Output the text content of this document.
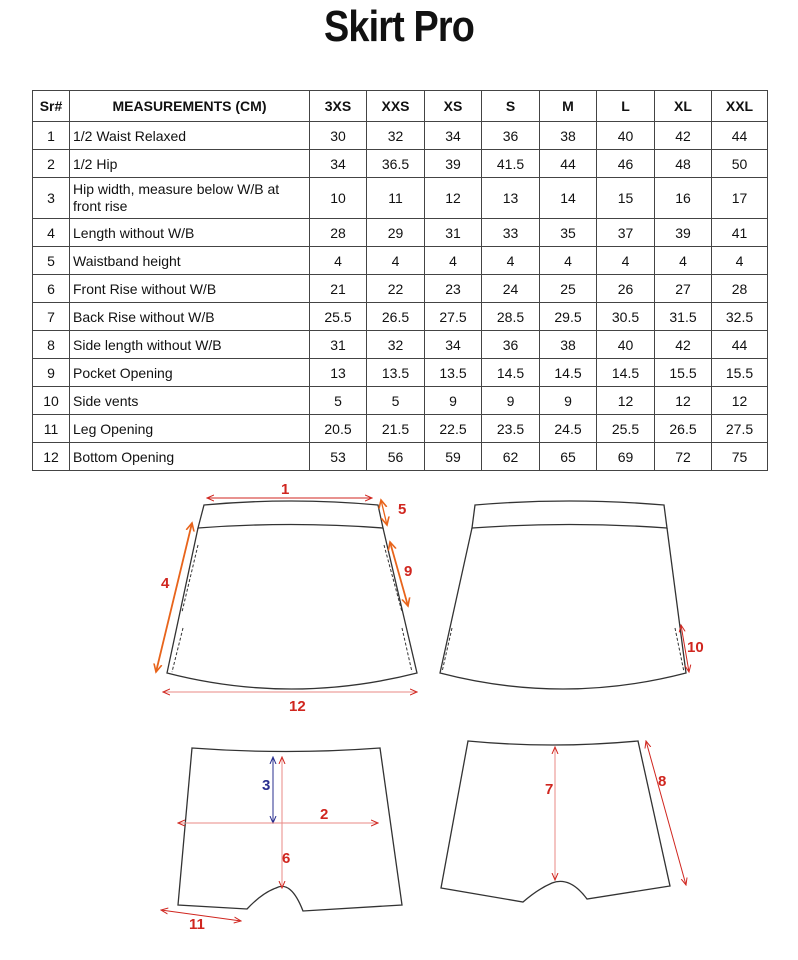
Skirt Pro
Sr#	MEASUREMENTS (CM)	3XS	XXS	XS	S	M	L	XL	XXL
1	1/2 Waist Relaxed	30	32	34	36	38	40	42	44
2	1/2 Hip	34	36.5	39	41.5	44	46	48	50
3	Hip width, measure below W/B at front rise	10	11	12	13	14	15	16	17
4	Length without W/B	28	29	31	33	35	37	39	41
5	Waistband height	4	4	4	4	4	4	4	4
6	Front Rise without W/B	21	22	23	24	25	26	27	28
7	Back Rise without W/B	25.5	26.5	27.5	28.5	29.5	30.5	31.5	32.5
8	Side length without W/B	31	32	34	36	38	40	42	44
9	Pocket Opening	13	13.5	13.5	14.5	14.5	14.5	15.5	15.5
10	Side vents	5	5	9	9	9	12	12	12
11	Leg Opening	20.5	21.5	22.5	23.5	24.5	25.5	26.5	27.5
12	Bottom Opening	53	56	59	62	65	69	72	75
1
5
4
9
12
10
3
2
6
11
7	8
